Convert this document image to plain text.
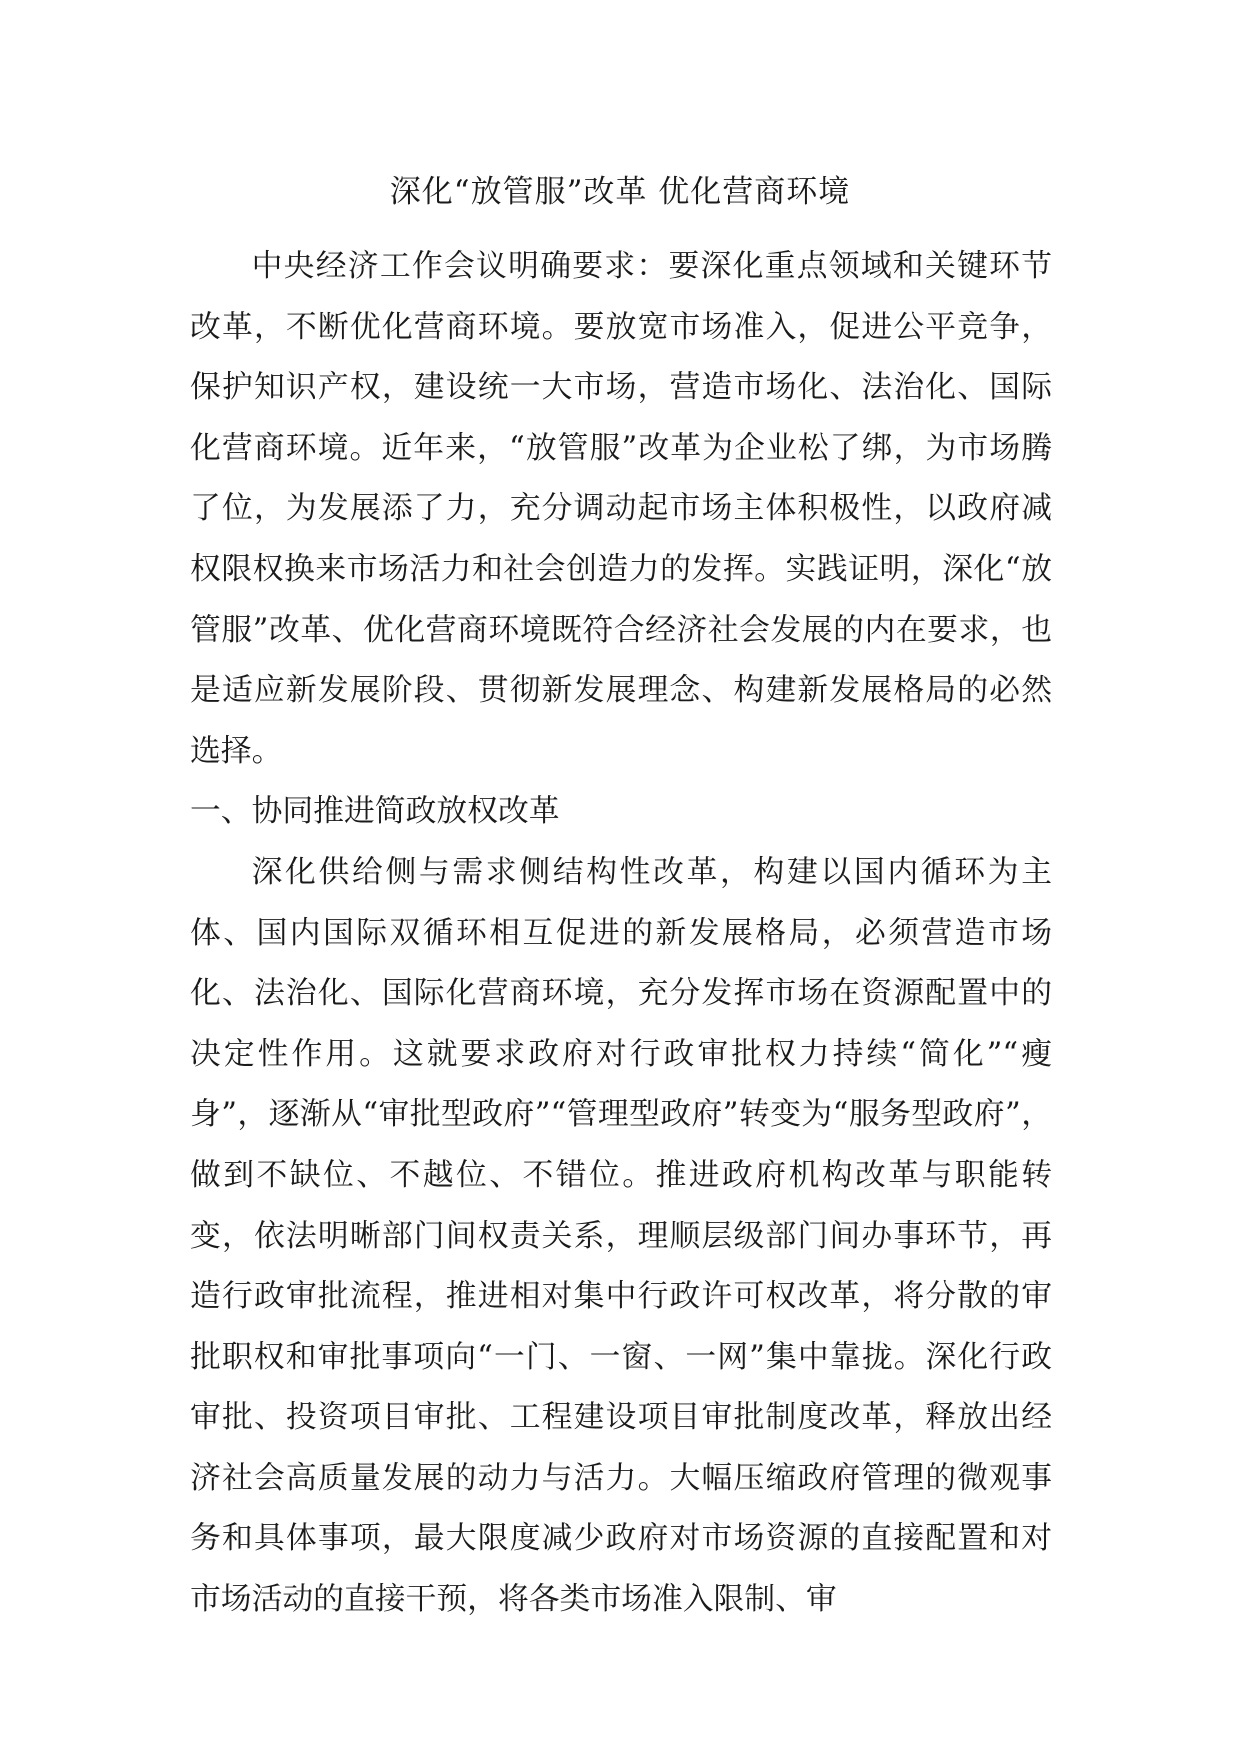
深化“放管服”改革 优化营商环境

中央经济工作会议明确要求：要深化重点领域和关键环节改革，不断优化营商环境。要放宽市场准入，促进公平竞争，保护知识产权，建设统一大市场，营造市场化、法治化、国际化营商环境。近年来，“放管服”改革为企业松了绑，为市场腾了位，为发展添了力，充分调动起市场主体积极性，以政府减权限权换来市场活力和社会创造力的发挥。实践证明，深化“放管服”改革、优化营商环境既符合经济社会发展的内在要求，也是适应新发展阶段、贯彻新发展理念、构建新发展格局的必然选择。

一、协同推进简政放权改革

深化供给侧与需求侧结构性改革，构建以国内循环为主体、国内国际双循环相互促进的新发展格局，必须营造市场化、法治化、国际化营商环境，充分发挥市场在资源配置中的决定性作用。这就要求政府对行政审批权力持续“简化”“瘦身”，逐渐从“审批型政府”“管理型政府”转变为“服务型政府”，做到不缺位、不越位、不错位。推进政府机构改革与职能转变，依法明晰部门间权责关系，理顺层级部门间办事环节，再造行政审批流程，推进相对集中行政许可权改革，将分散的审批职权和审批事项向“一门、一窗、一网”集中靠拢。深化行政审批、投资项目审批、工程建设项目审批制度改革，释放出经济社会高质量发展的动力与活力。大幅压缩政府管理的微观事务和具体事项，最大限度减少政府对市场资源的直接配置和对市场活动的直接干预，将各类市场准入限制、审
